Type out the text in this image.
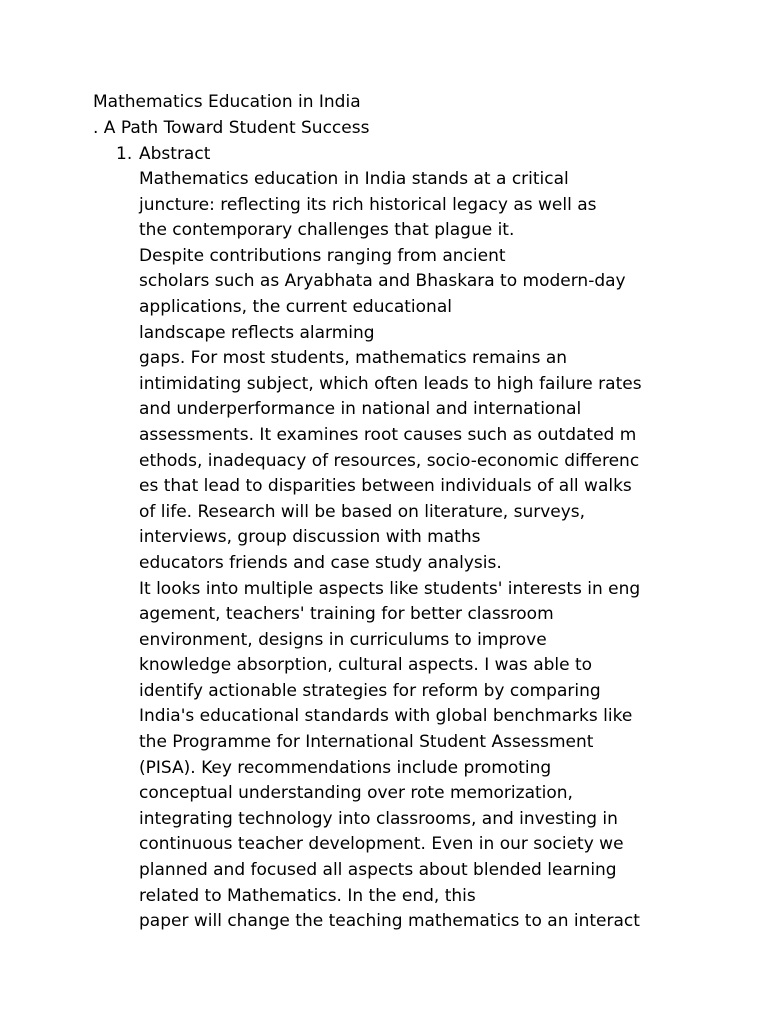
Mathematics Education in India

. A Path Toward Student Success

1. Abstract

Mathematics education in India stands at a critical
juncture: reflecting its rich historical legacy as well as
the contemporary challenges that plague it.
Despite contributions ranging from ancient
scholars such as Aryabhata and Bhaskara to modern-day
applications, the current educational
landscape reflects alarming
gaps. For most students, mathematics remains an
intimidating subject, which often leads to high failure rates
and underperformance in national and international
assessments. It examines root causes such as outdated m
ethods, inadequacy of resources, socio-economic differenc
es that lead to disparities between individuals of all walks
of life. Research will be based on literature, surveys,
interviews, group discussion with maths
educators friends and case study analysis.
It looks into multiple aspects like students' interests in eng
agement, teachers' training for better classroom
environment, designs in curriculums to improve
knowledge absorption, cultural aspects. I was able to
identify actionable strategies for reform by comparing
India's educational standards with global benchmarks like
the Programme for International Student Assessment
(PISA). Key recommendations include promoting
conceptual understanding over rote memorization,
integrating technology into classrooms, and investing in
continuous teacher development. Even in our society we
planned and focused all aspects about blended learning
related to Mathematics. In the end, this
paper will change the teaching mathematics to an interact
